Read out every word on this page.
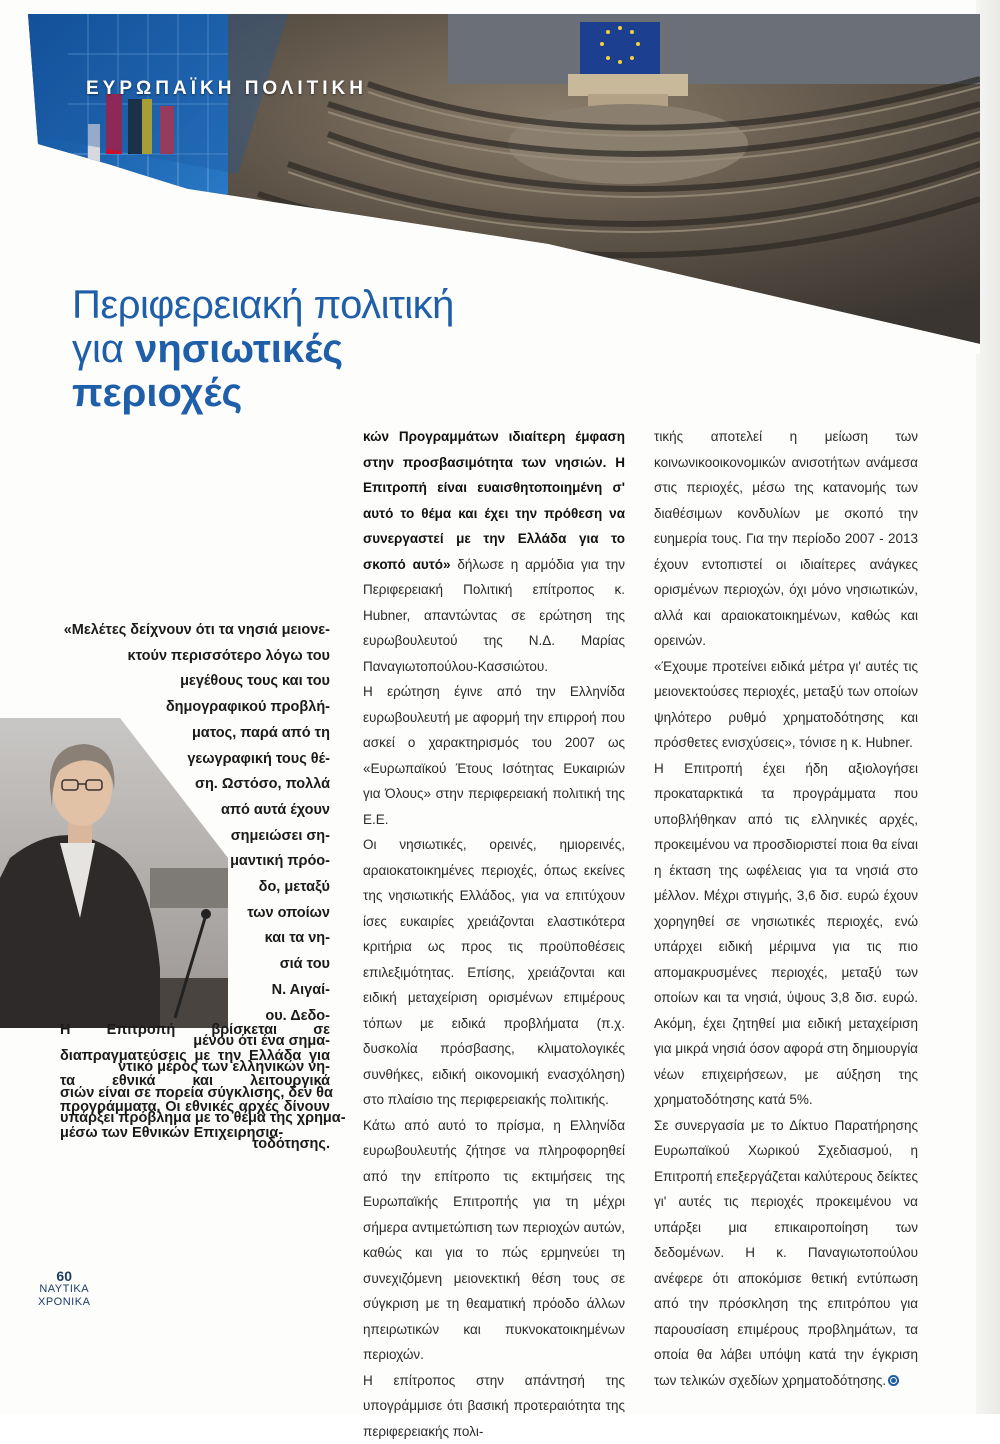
ΕΥΡΩΠΑΪΚΗ ΠΟΛΙΤΙΚΗ
Περιφερειακή πολιτική
για νησιωτικές
περιοχές
«Μελέτες δείχνουν ότι τα νησιά μειονε-
κτούν περισσότερο λόγω του
μεγέθους τους και του
δημογραφικού προβλή-
ματος, παρά από τη
γεωγραφική τους θέ-
ση. Ωστόσο, πολλά
από αυτά έχουν
σημειώσει ση-
μαντική πρόο-
δο, μεταξύ
των οποίων
και τα νη-
σιά του
Ν. Αιγαί-
ου. Δεδο-
μένου ότι ένα σημα-
ντικό μέρος των ελληνικών νη-
σιών είναι σε πορεία σύγκλισης, δεν θα
υπάρξει πρόβλημα με το θέμα της χρημα-
τοδότησης.
Η Επιτροπή βρίσκεται σε διαπραγματεύσεις με την Ελλάδα για τα εθνικά και λειτουργικά προγράμματα. Οι εθνικές αρχές δίνουν μέσω των Εθνικών Επιχειρησια-

κών Προγραμμάτων ιδιαίτερη έμφαση στην προσβασιμότητα των νησιών. Η Επιτροπή είναι ευαισθητοποιημένη σ' αυτό το θέμα και έχει την πρόθεση να συνεργαστεί με την Ελλάδα για το σκοπό αυτό» δήλωσε η αρμόδια για την Περιφερειακή Πολιτική επίτροπος κ. Hubner, απαντώντας σε ερώτηση της ευρωβουλευτού της Ν.Δ. Μαρίας Παναγιωτοπούλου-Κασσιώτου.

Η ερώτηση έγινε από την Ελληνίδα ευρωβουλευτή με αφορμή την επιρροή που ασκεί ο χαρακτηρισμός του 2007 ως «Ευρωπαϊκού Έτους Ισότητας Ευκαιριών για Όλους» στην περιφερειακή πολιτική της Ε.Ε.

Οι νησιωτικές, ορεινές, ημιορεινές, αραιοκατοικημένες περιοχές, όπως εκείνες της νησιωτικής Ελλάδος, για να επιτύχουν ίσες ευκαιρίες χρειάζονται ελαστικότερα κριτήρια ως προς τις προϋποθέσεις επιλεξιμότητας. Επίσης, χρειάζονται και ειδική μεταχείριση ορισμένων επιμέρους τόπων με ειδικά προβλήματα (π.χ. δυσκολία πρόσβασης, κλιματολογικές συνθήκες, ειδική οικονομική ενασχόληση) στο πλαίσιο της περιφερειακής πολιτικής.

Κάτω από αυτό το πρίσμα, η Ελληνίδα ευρωβουλευτής ζήτησε να πληροφορηθεί από την επίτροπο τις εκτιμήσεις της Ευρωπαϊκής Επιτροπής για τη μέχρι σήμερα αντιμετώπιση των περιοχών αυτών, καθώς και για το πώς ερμηνεύει τη συνεχιζόμενη μειονεκτική θέση τους σε σύγκριση με τη θεαματική πρόοδο άλλων ηπειρωτικών και πυκνοκατοικημένων περιοχών.

Η επίτροπος στην απάντησή της υπογράμμισε ότι βασική προτεραιότητα της περιφερειακής πολι-

τικής αποτελεί η μείωση των κοινωνικοοικονομικών ανισοτήτων ανάμεσα στις περιοχές, μέσω της κατανομής των διαθέσιμων κονδυλίων με σκοπό την ευημερία τους. Για την περίοδο 2007 - 2013 έχουν εντοπιστεί οι ιδιαίτερες ανάγκες ορισμένων περιοχών, όχι μόνο νησιωτικών, αλλά και αραιοκατοικημένων, καθώς και ορεινών.

«Έχουμε προτείνει ειδικά μέτρα γι' αυτές τις μειονεκτούσες περιοχές, μεταξύ των οποίων ψηλότερο ρυθμό χρηματοδότησης και πρόσθετες ενισχύσεις», τόνισε η κ. Hubner.

Η Επιτροπή έχει ήδη αξιολογήσει προκαταρκτικά τα προγράμματα που υποβλήθηκαν από τις ελληνικές αρχές, προκειμένου να προσδιοριστεί ποια θα είναι η έκταση της ωφέλειας για τα νησιά στο μέλλον. Μέχρι στιγμής, 3,6 δισ. ευρώ έχουν χορηγηθεί σε νησιωτικές περιοχές, ενώ υπάρχει ειδική μέριμνα για τις πιο απομακρυσμένες περιοχές, μεταξύ των οποίων και τα νησιά, ύψους 3,8 δισ. ευρώ. Ακόμη, έχει ζητηθεί μια ειδική μεταχείριση για μικρά νησιά όσον αφορά στη δημιουργία νέων επιχειρήσεων, με αύξηση της χρηματοδότησης κατά 5%.

Σε συνεργασία με το Δίκτυο Παρατήρησης Ευρωπαϊκού Χωρικού Σχεδιασμού, η Επιτροπή επεξεργάζεται καλύτερους δείκτες γι' αυτές τις περιοχές προκειμένου να υπάρξει μια επικαιροποίηση των δεδομένων. Η κ. Παναγιωτοπούλου ανέφερε ότι αποκόμισε θετική εντύπωση από την πρόσκληση της επιτρόπου για παρουσίαση επιμέρους προβλημάτων, τα οποία θα λάβει υπόψη κατά την έγκριση των τελικών σχεδίων χρηματοδότησης.

60
ΝΑΥΤΙΚΑ
ΧΡΟΝΙΚΑ
